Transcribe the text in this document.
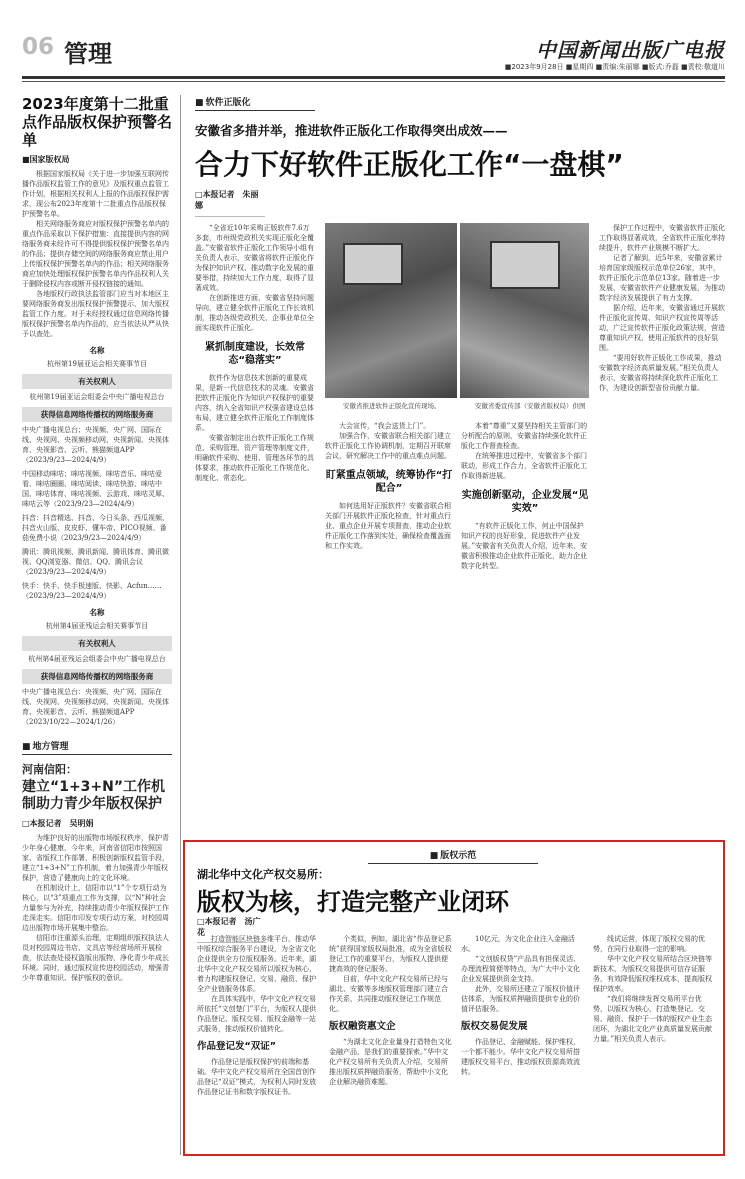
06 管理	中国新闻出版广电报
■2023年9月28日 ■星期四 ■责编:朱丽娜 ■版式:乔磊 ■责校:敬道川
2023年度第十二批重点作品版权保护预警名单
■国家版权局

根据国家版权局《关于进一步加强互联网传播作品版权监管工作的意见》及版权重点监管工作计划，根据相关权利人上报的作品版权保护需求，现公布2023年度第十二批重点作品版权保护预警名单。

相关网络服务商应对版权保护预警名单内的重点作品采取以下保护措施：直接提供内容的网络服务商未经许可不得提供版权保护预警名单内的作品；提供存储空间的网络服务商应禁止用户上传版权保护预警名单内的作品；相关网络服务商应加快处理版权保护预警名单内作品权利人关于删除侵权内容或断开侵权链接的通知。

各地版权行政执法监管部门应当对本地区主要网络服务商发出版权保护预警提示，加大版权监管工作力度。对于未经授权通过信息网络传播版权保护预警名单内作品的，应当依法从严从快予以查处。

名称
杭州第19届亚运会相关赛事节目
有关权利人
杭州第19届亚运会组委会中央广播电视总台
获得信息网络传播权的网络服务商

中央广播电视总台；央视频、央广网、国际在线、央视网、央视频移动网、央视新闻、央视体育、央视影音、云听、熊猫频道APP（2023/9/23—2024/4/9）

中国移动咪咕；咪咕视频、咪咕音乐、咪咕爱看、咪咕圈圈、咪咕阅读、咪咕快游、咪咕中国、咪咕体育、咪咕视频、云游戏、咪咕灵犀、咪咕云等（2023/9/23—2024/4/9）

抖音：抖音精选、抖音、今日头条、西瓜视频、抖音火山版、皮皮虾、懂车帝、PICO视频、番茄免费小说（2023/9/23—2024/4/9）

腾讯：腾讯视频、腾讯新闻、腾讯体育、腾讯微视、QQ浏览器、微信、QQ、腾讯会议（2023/9/23—2024/4/9）

快手：快手、快手极速版、快影、Acfun……（2023/9/23—2024/4/9）

名称
杭州第4届亚残运会相关赛事节目
有关权利人
杭州第4届亚残运会组委会中央广播电视总台
获得信息网络传播权的网络服务商

中央广播电视总台：央视频、央广网、国际在线、央视网、央视频移动网、央视新闻、央视体育、央视影音、云听、熊猫频道APP（2023/10/22—2024/1/26）

■ 地方管理
河南信阳：
建立“1+3+N”工作机制助力青少年版权保护
□本报记者　吴明娟

为维护良好的出版物市场版权秩序，保护青少年身心健康，今年来，河南省信阳市按照国家、省版权工作部署，积极创新版权监管手段，建立“1+3+N”工作机制，着力加强青少年版权保护，营造了健康向上的文化环境。

在机制设计上，信阳市以“1”个专项行动为核心，以“3”项重点工作为支撑，以“N”种社会力量参与为补充，持续推动青少年版权保护工作走深走实。信阳市印发专项行动方案，对校园周边出版物市场开展集中整治。

信阳市注重源头治理，定期组织版权执法人员对校园周边书店、文具店等经营场所开展检查，依法查处侵权盗版出版物，净化青少年成长环境。同时，通过版权宣传进校园活动，增强青少年尊重知识、保护版权的意识。

■ 软件正版化
安徽省多措并举，推进软件正版化工作取得突出成效——
合力下好软件正版化工作“一盘棋”
□本报记者　朱丽娜

“全省近10年采购正版软件7.6万多套，市州级党政机关实现正版化全覆盖。”安徽省软件正版化工作领导小组有关负责人表示，安徽省将软件正版化作为保护知识产权、推动数字化发展的重要举措，持续加大工作力度，取得了显著成效。

在创新推进方面，安徽省坚持问题导向，建立健全软件正版化工作长效机制，推动各级党政机关、企事业单位全面实现软件正版化。

紧抓制度建设，长效常态“稳落实”

软件作为信息技术创新的重要成果，是新一代信息技术的灵魂。安徽省把软件正版化作为知识产权保护的重要内容，纳入全省知识产权强省建设总体布局，建立健全软件正版化工作制度体系。

安徽省制定出台软件正版化工作规范、采购管理、资产管理等制度文件，明确软件采购、使用、管理各环节的具体要求，推动软件正版化工作规范化、制度化、常态化。

安徽省推进软件正版化宣传现场。	安徽省委宣传部（安徽省版权局）供图

大会宣传，“我会送货上门”。

加强合作，安徽省联合相关部门建立软件正版化工作协调机制，定期召开联席会议，研究解决工作中的重点难点问题。

盯紧重点领域，统筹协作“打配合”

如何选用好正版软件？安徽省联合相关部门开展软件正版化检查，针对重点行业、重点企业开展专项督查，推动企业软件正版化工作落到实处，确保检查覆盖面和工作实效。

本着“尊重”又要坚持相关主管部门的分析配合的原则，安徽省持续强化软件正版化工作督查检查。

在统筹推进过程中，安徽省多个部门联动，形成工作合力，全省软件正版化工作取得新进展。

实施创新驱动，企业发展“见实效”

“有软件正版化工作，何止中国保护知识产权的良好形象，促进软件产业发展。”安徽省有关负责人介绍，近年来，安徽省积极推动企业软件正版化，助力企业数字化转型。

保护工作过程中，安徽省软件正版化工作取得显著成效，全省软件正版化率持续提升，软件产业规模不断扩大。

记者了解到，近5年来，安徽省累计培育国家级版权示范单位26家，其中，软件正版化示范单位13家。随着进一步发展，安徽省软件产业健康发展，为推动数字经济发展提供了有力支撑。

据介绍，近年来，安徽省通过开展软件正版化宣传周、知识产权宣传周等活动，广泛宣传软件正版化政策法规，营造尊重知识产权、使用正版软件的良好氛围。

“要用好软件正版化工作成果，推动安徽数字经济高质量发展。”相关负责人表示，安徽省将持续深化软件正版化工作，为建设创新型省份贡献力量。

■ 版权示范
湖北华中文化产权交易所：
版权为核，打造完整产业闭环
□本报记者　汤广花

打造智能区块链多维平台，推动华中版权综合服务平台建设，为全省文化企业提供全方位版权服务。近年来，湖北华中文化产权交易所以版权为核心，着力构建版权登记、交易、融资、保护全产业链服务体系。

在具体实践中，华中文化产权交易所依托“文创楚门”平台，为版权人提供作品登记、版权交易、版权金融等一站式服务，推动版权价值转化。

作品登记发“双证”

作品登记是版权保护的前端和基础。华中文化产权交易所在全国首创作品登记“双证”模式，为权利人同时发放作品登记证书和数字版权证书。

个类似，例如，湖北省“作品登记系统”获得国家版权局批准，成为全省版权登记工作的重要平台，为版权人提供便捷高效的登记服务。

目前，华中文化产权交易所已经与湖北、安徽等多地版权管理部门建立合作关系，共同推动版权登记工作规范化。

版权融资惠文企

“为湖北文化企业量身打造特色文化金融产品，是我们的重要探索。”华中文化产权交易所有关负责人介绍，交易所推出版权质押融资服务，帮助中小文化企业解决融资难题。

10亿元，为文化企业注入金融活水。

“文创版权贷”产品具有担保灵活、办理流程简便等特点，为广大中小文化企业发展提供资金支持。

此外，交易所还建立了版权价值评估体系，为版权质押融资提供专业的价值评估服务。

版权交易促发展

作品登记、金融赋能、保护维权，一个都不能少。华中文化产权交易所搭建版权交易平台，推动版权资源高效流转。

线试运营，体现了版权交易的优势，在同行业取得一定的影响。

华中文化产权交易所结合区块链等新技术，为版权交易提供可信存证服务，有效降低版权维权成本，提高版权保护效率。

“我们将继续发挥交易所平台优势，以版权为核心，打造集登记、交易、融资、保护于一体的版权产业生态闭环，为湖北文化产业高质量发展贡献力量。”相关负责人表示。
